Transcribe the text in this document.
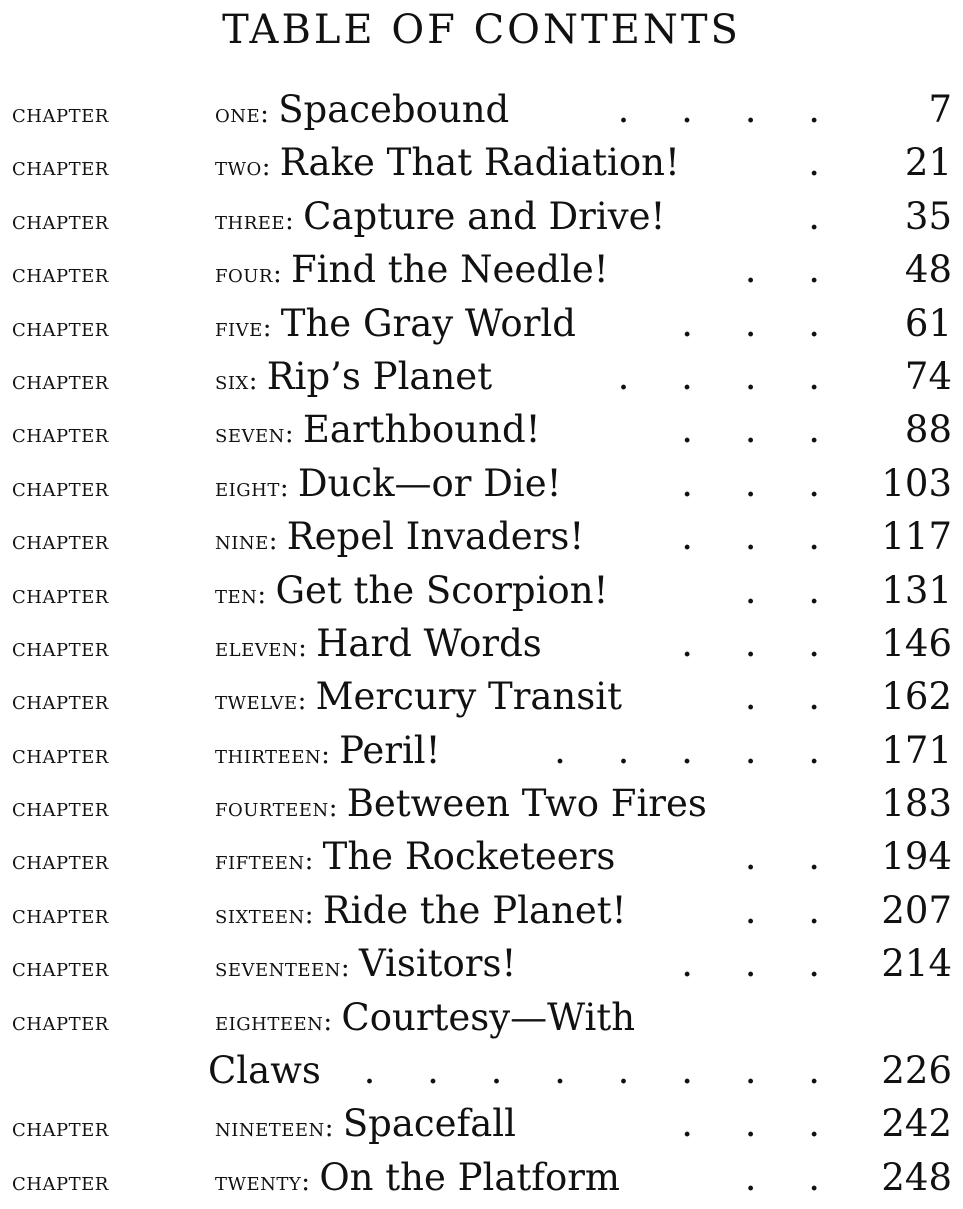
TABLE OF CONTENTS
chapter	one: Spacebound	. . . .	7
chapter	two: Rake That Radiation!	.	21
chapter	three: Capture and Drive!	.	35
chapter	four: Find the Needle!	. .	48
chapter	five: The Gray World	. . .	61
chapter	six: Rip’s Planet	. . . .	74
chapter	seven: Earthbound!	. . .	88
chapter	eight: Duck—or Die!	. . .	103
chapter	nine: Repel Invaders!	. . .	117
chapter	ten: Get the Scorpion!	. .	131
chapter	eleven: Hard Words	. . .	146
chapter	twelve: Mercury Transit	. .	162
chapter	thirteen: Peril!	. . . . .	171
chapter	fourteen: Between Two Fires	183
chapter	fifteen: The Rocketeers	. .	194
chapter	sixteen: Ride the Planet!	. .	207
chapter	seventeen: Visitors!	. . .	214
chapter	eighteen: Courtesy—With
Claws . . . . . . . .	226
chapter	nineteen: Spacefall	. . .	242
chapter	twenty: On the Platform	. .	248
